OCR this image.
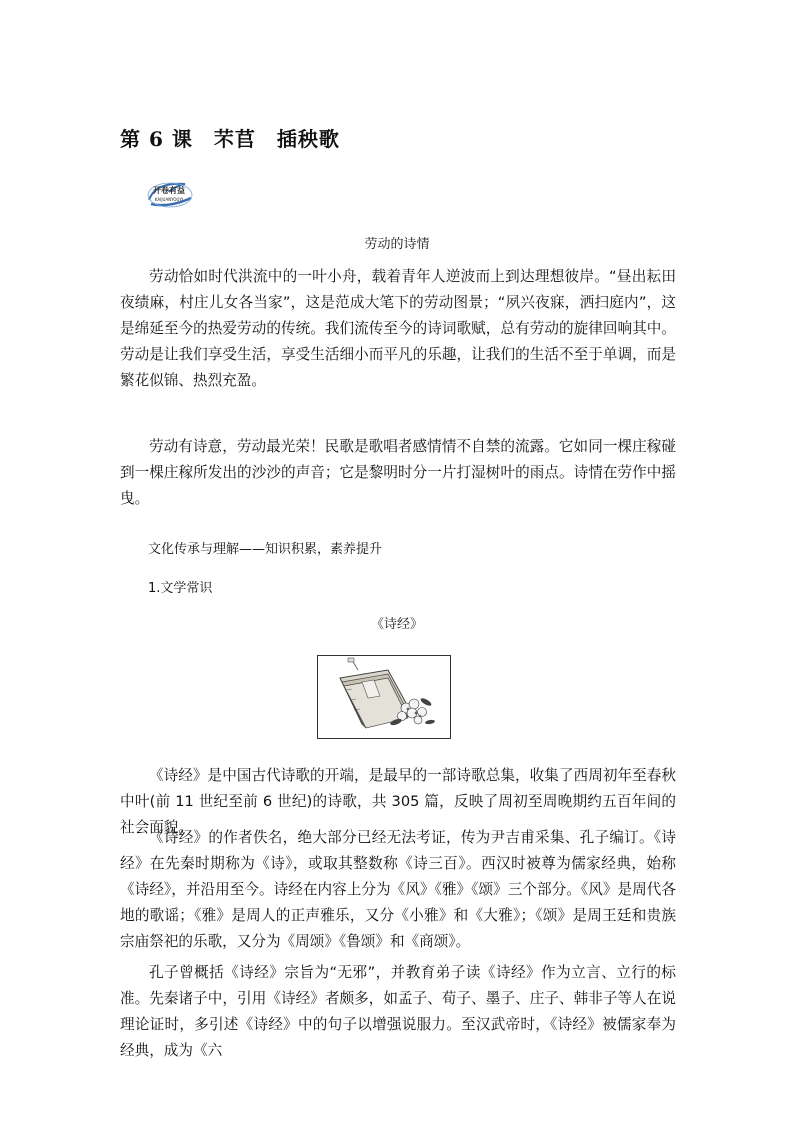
第 6 课　芣苢　插秧歌
开卷有益
KAIJUANYOUYI
劳动的诗情

劳动恰如时代洪流中的一叶小舟，载着青年人逆波而上到达理想彼岸。“昼出耘田夜绩麻，村庄儿女各当家”，这是范成大笔下的劳动图景；“夙兴夜寐，洒扫庭内”，这是绵延至今的热爱劳动的传统。我们流传至今的诗词歌赋，总有劳动的旋律回响其中。劳动是让我们享受生活，享受生活细小而平凡的乐趣，让我们的生活不至于单调，而是繁花似锦、热烈充盈。

劳动有诗意，劳动最光荣！民歌是歌唱者感情情不自禁的流露。它如同一棵庄稼碰到一棵庄稼所发出的沙沙的声音；它是黎明时分一片打湿树叶的雨点。诗情在劳作中摇曳。

文化传承与理解——知识积累，素养提升
1.文学常识
《诗经》

《诗经》是中国古代诗歌的开端，是最早的一部诗歌总集，收集了西周初年至春秋中叶(前 11 世纪至前 6 世纪)的诗歌，共 305 篇，反映了周初至周晚期约五百年间的社会面貌。

《诗经》的作者佚名，绝大部分已经无法考证，传为尹吉甫采集、孔子编订。《诗经》在先秦时期称为《诗》，或取其整数称《诗三百》。西汉时被尊为儒家经典，始称《诗经》，并沿用至今。诗经在内容上分为《风》《雅》《颂》三个部分。《风》是周代各地的歌谣；《雅》是周人的正声雅乐，又分《小雅》和《大雅》；《颂》是周王廷和贵族宗庙祭祀的乐歌，又分为《周颂》《鲁颂》和《商颂》。

孔子曾概括《诗经》宗旨为“无邪”，并教育弟子读《诗经》作为立言、立行的标准。先秦诸子中，引用《诗经》者颇多，如孟子、荀子、墨子、庄子、韩非子等人在说理论证时，多引述《诗经》中的句子以增强说服力。至汉武帝时，《诗经》被儒家奉为经典，成为《六
